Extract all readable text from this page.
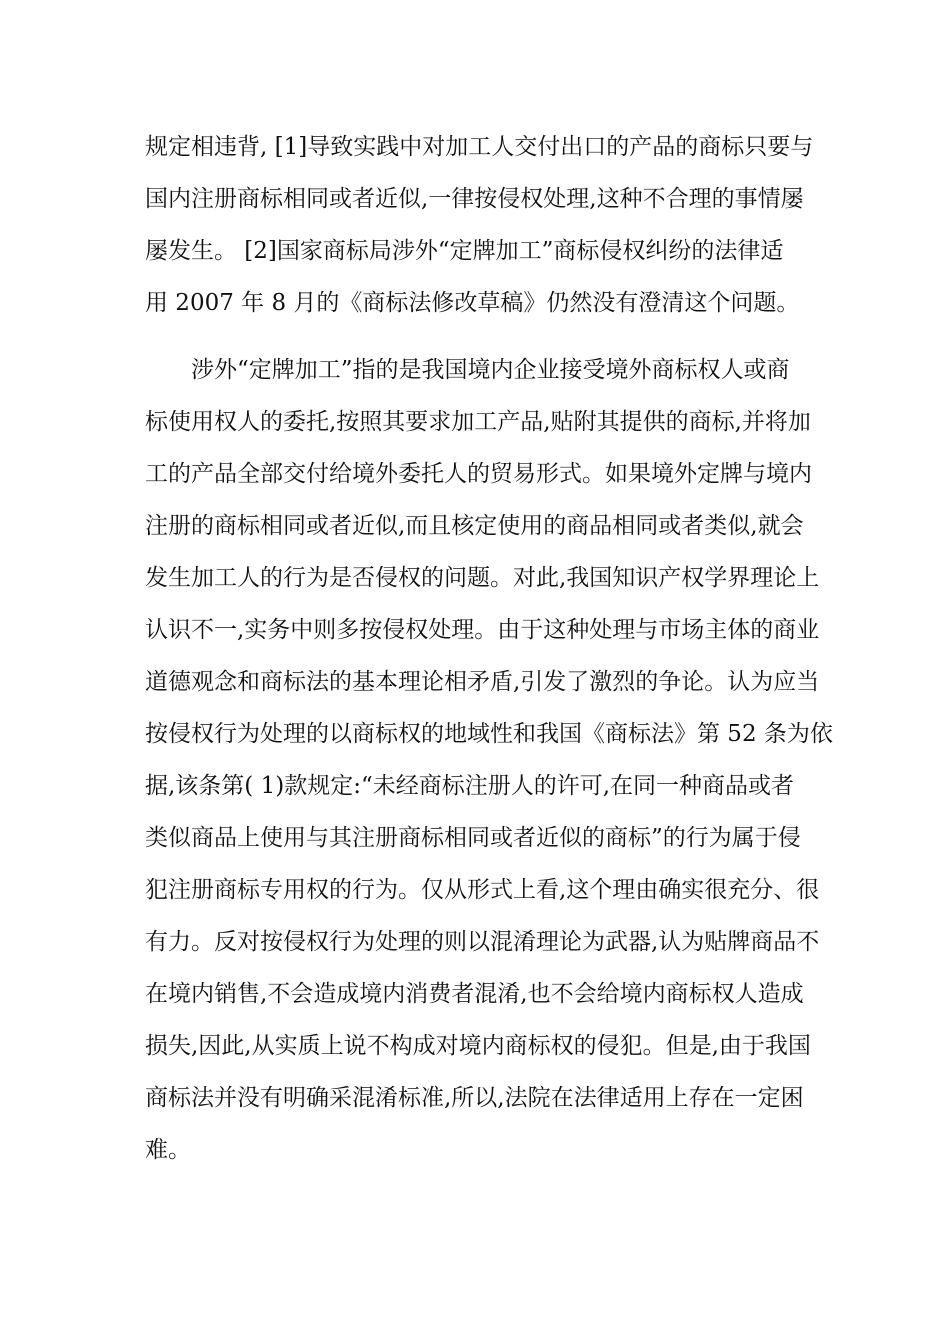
规定相违背, [1]导致实践中对加工人交付出口的产品的商标只要与
国内注册商标相同或者近似,一律按侵权处理,这种不合理的事情屡
屡发生。 [2]国家商标局涉外“定牌加工”商标侵权纠纷的法律适
用 2007 年 8 月的《商标法修改草稿》仍然没有澄清这个问题。
涉外“定牌加工”指的是我国境内企业接受境外商标权人或商
标使用权人的委托,按照其要求加工产品,贴附其提供的商标,并将加
工的产品全部交付给境外委托人的贸易形式。如果境外定牌与境内
注册的商标相同或者近似,而且核定使用的商品相同或者类似,就会
发生加工人的行为是否侵权的问题。对此,我国知识产权学界理论上
认识不一,实务中则多按侵权处理。由于这种处理与市场主体的商业
道德观念和商标法的基本理论相矛盾,引发了激烈的争论。认为应当
按侵权行为处理的以商标权的地域性和我国《商标法》第 52 条为依
据,该条第( 1)款规定:“未经商标注册人的许可,在同一种商品或者
类似商品上使用与其注册商标相同或者近似的商标”的行为属于侵
犯注册商标专用权的行为。仅从形式上看,这个理由确实很充分、很
有力。反对按侵权行为处理的则以混淆理论为武器,认为贴牌商品不
在境内销售,不会造成境内消费者混淆,也不会给境内商标权人造成
损失,因此,从实质上说不构成对境内商标权的侵犯。但是,由于我国
商标法并没有明确采混淆标准,所以,法院在法律适用上存在一定困
难。
